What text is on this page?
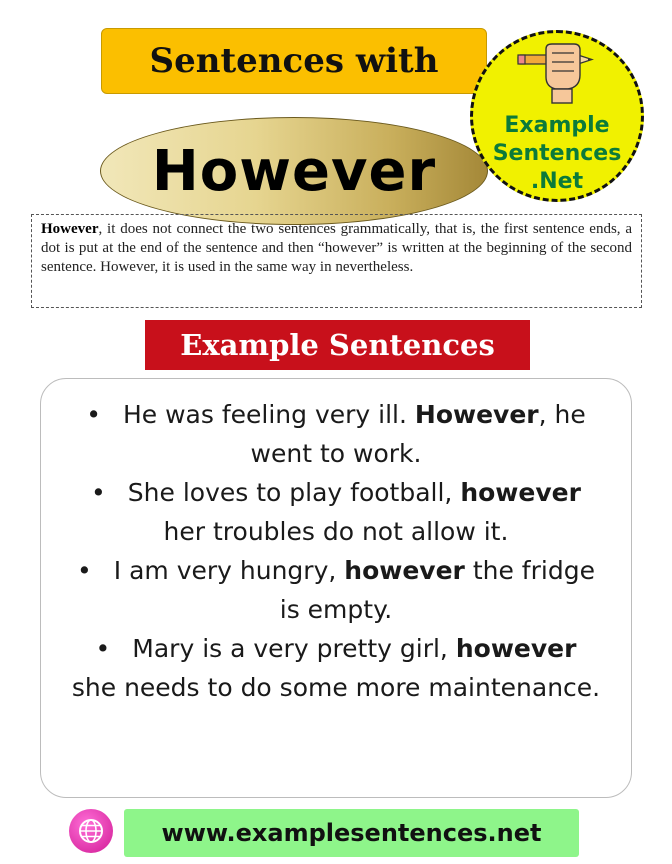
Sentences with
However
Example
Sentences
.Net
However, it does not connect the two sentences grammatically, that is, the first sentence ends, a dot is put at the end of the sentence and then “however” is written at the beginning of the second sentence. However, it is used in the same way in nevertheless.
Example Sentences

• He was feeling very ill. However, he went to work.

• She loves to play football, however her troubles do not allow it.

• I am very hungry, however the fridge is empty.

• Mary is a very pretty girl, however she needs to do some more maintenance.

www.examplesentences.net
